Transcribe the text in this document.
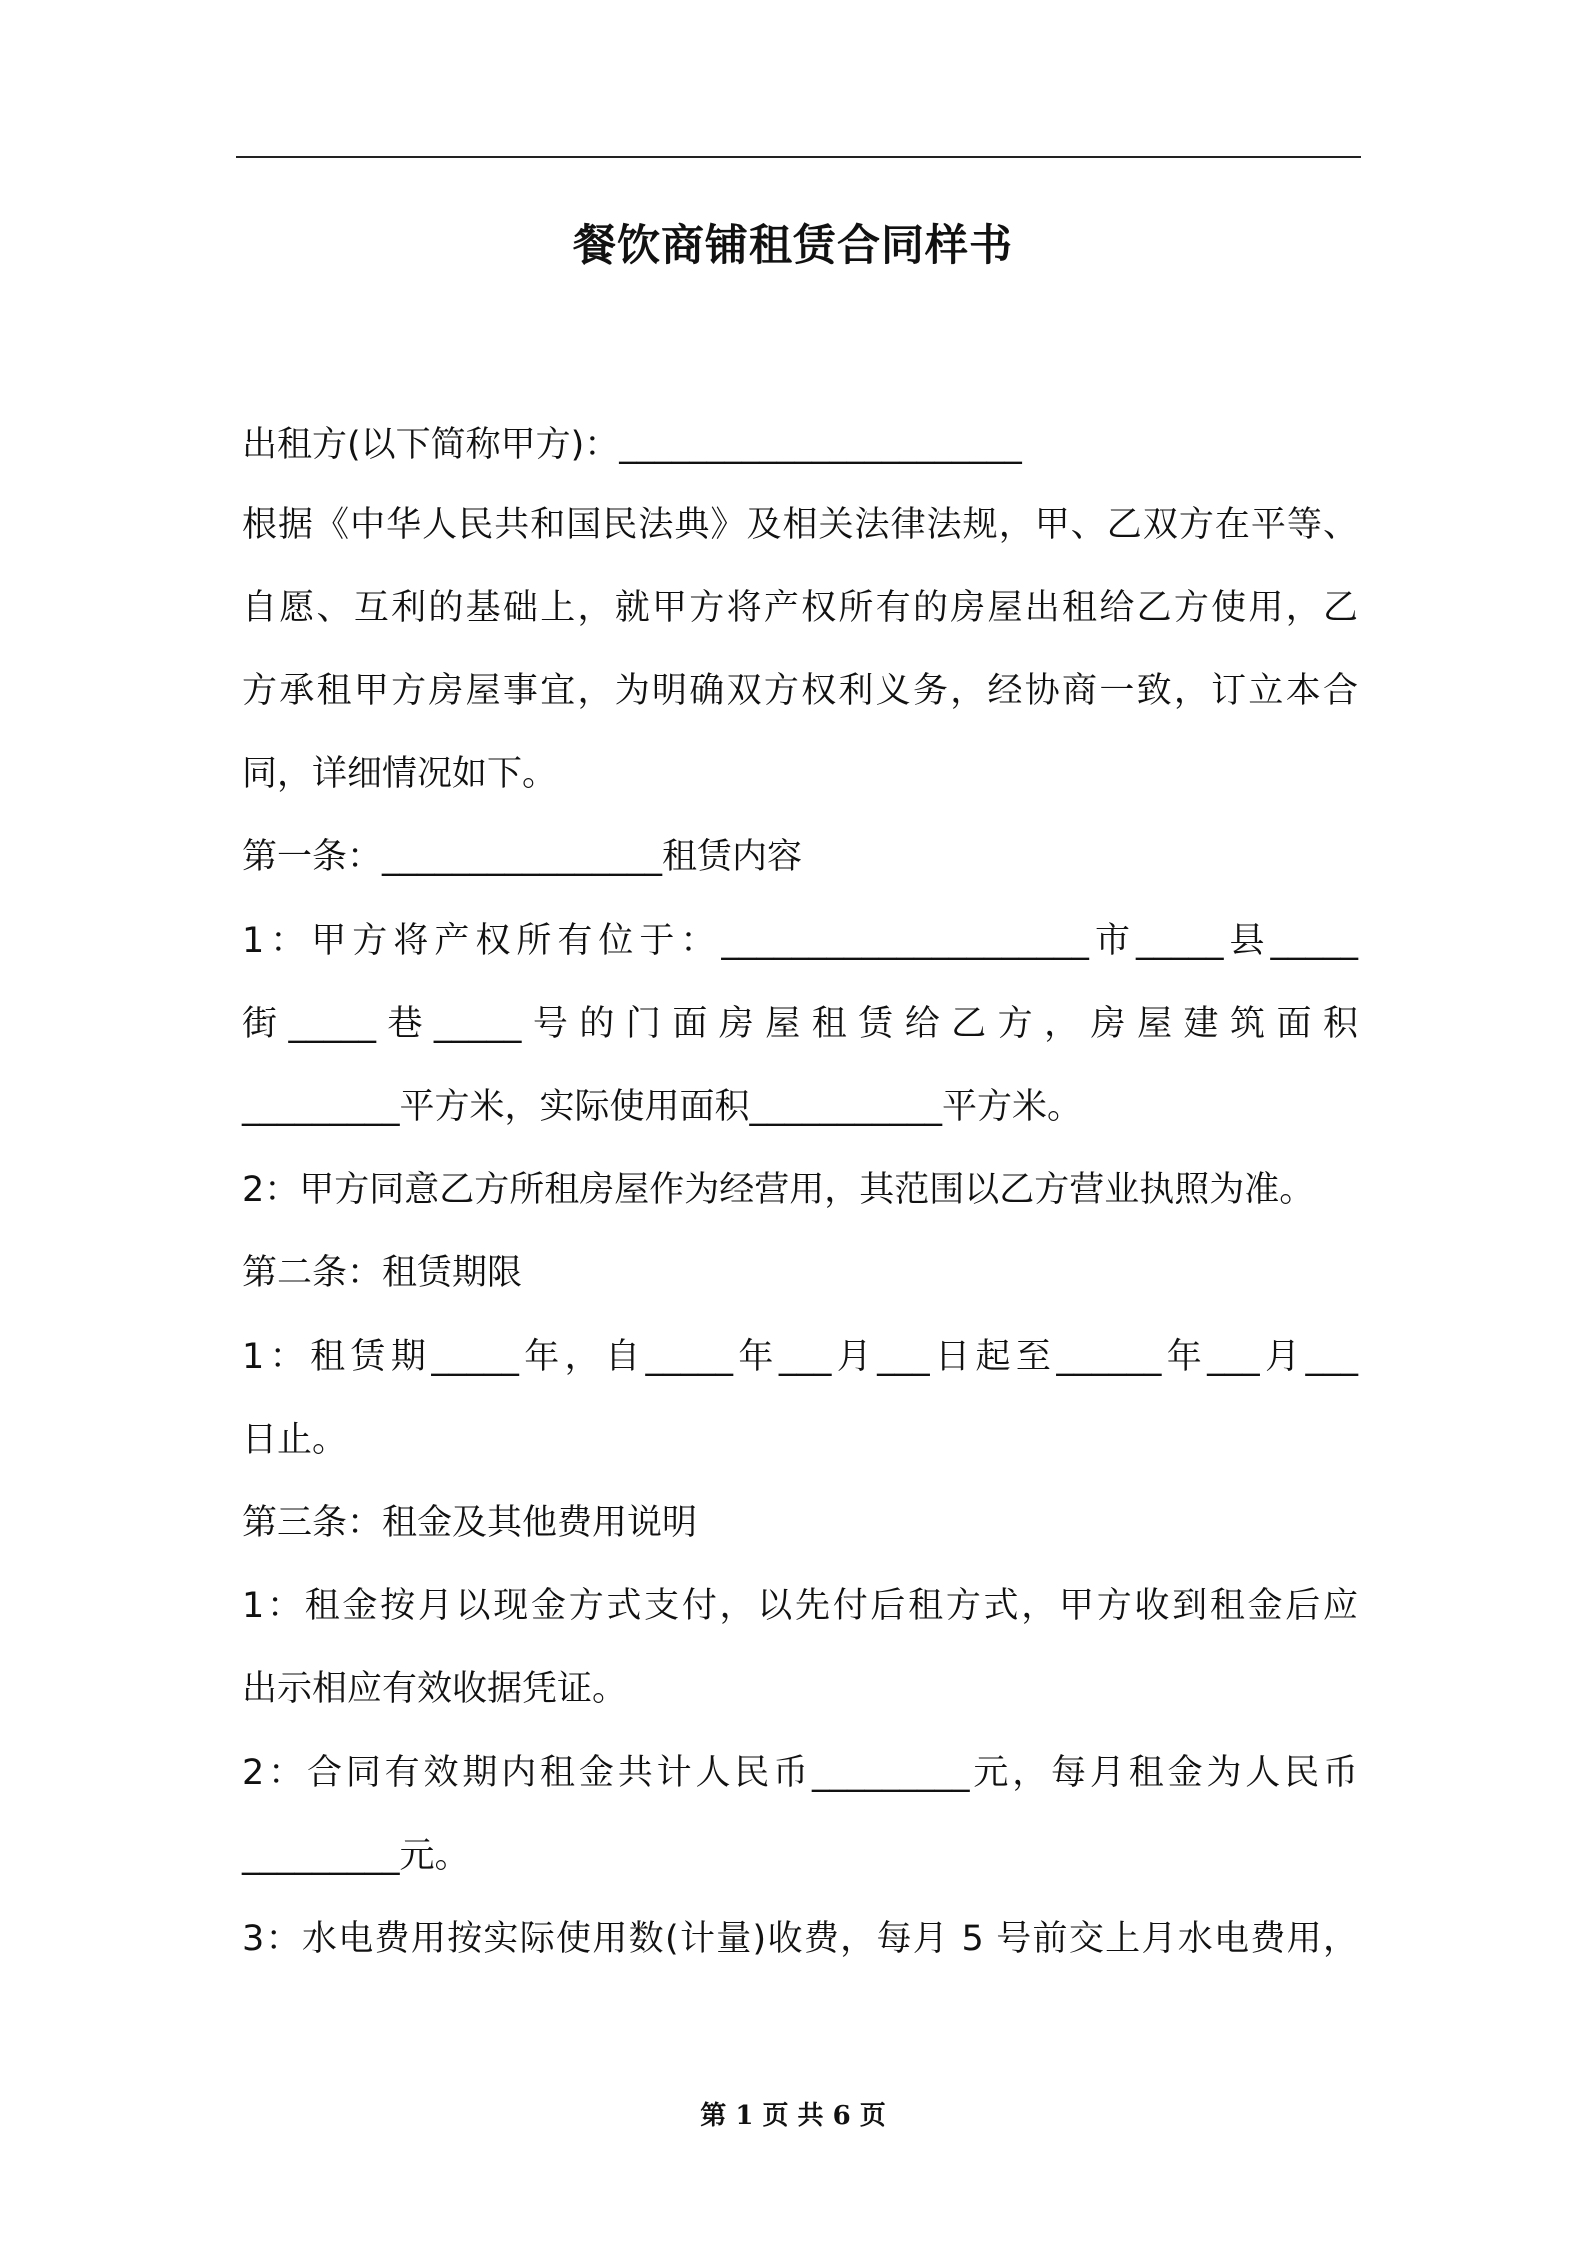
餐饮商铺租赁合同样书
出租方(以下简称甲方)：_______________________
根据《中华人民共和国民法典》及相关法律法规，甲、乙双方在平等、
自愿、互利的基础上，就甲方将产权所有的房屋出租给乙方使用，乙
方承租甲方房屋事宜，为明确双方权利义务，经协商一致，订立本合
同，详细情况如下。
第一条：________________租赁内容
1：甲方将产权所有位于：_____________________市_____县_____
街_____巷_____号的门面房屋租赁给乙方，房屋建筑面积
_________平方米，实际使用面积___________平方米。
2：甲方同意乙方所租房屋作为经营用，其范围以乙方营业执照为准。
第二条：租赁期限
1：租赁期_____年，自_____年___月___日起至______年___月___
日止。
第三条：租金及其他费用说明
1：租金按月以现金方式支付，以先付后租方式，甲方收到租金后应
出示相应有效收据凭证。
2：合同有效期内租金共计人民币_________元，每月租金为人民币
_________元。
3：水电费用按实际使用数(计量)收费，每月 5 号前交上月水电费用，
第 1 页 共 6 页
